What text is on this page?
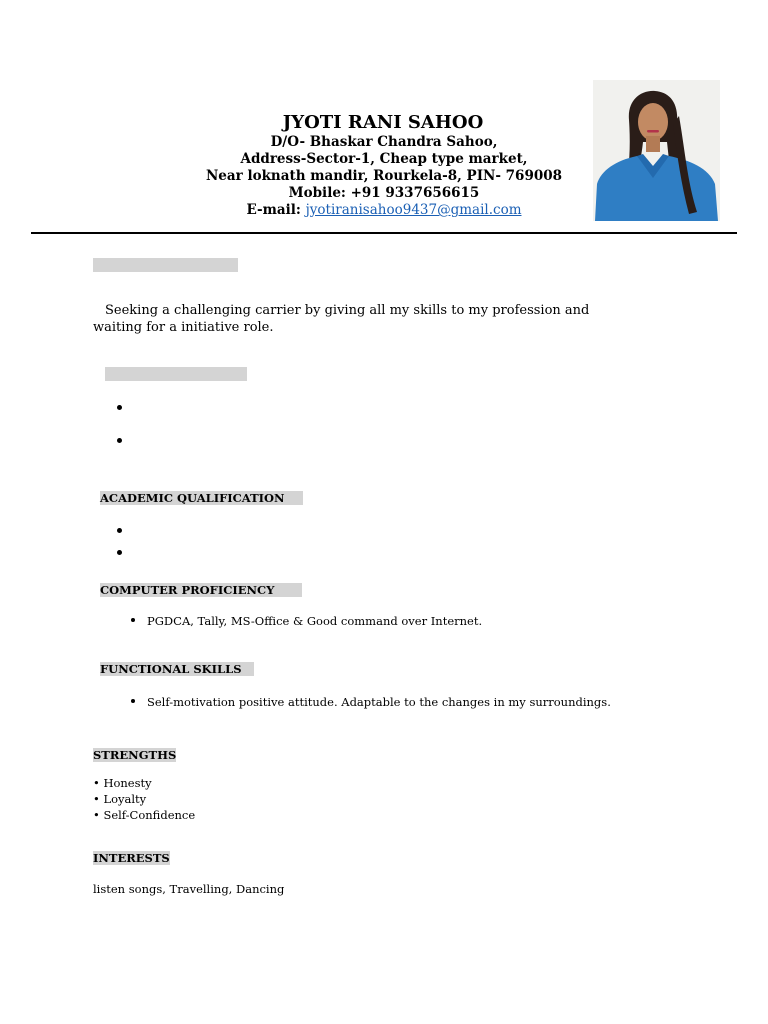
JYOTI RANI SAHOO
D/O- Bhaskar Chandra Sahoo,
Address-Sector-1, Cheap type market,
Near loknath mandir, Rourkela-8, PIN- 769008
Mobile: +91 9337656615
E-mail: jyotiranisahoo9437@gmail.com
Seeking a challenging carrier by giving all my skills to my profession and waiting for a initiative role.
ACADEMIC QUALIFICATION
COMPUTER PROFICIENCY
PGDCA, Tally, MS-Office & Good command over Internet.
FUNCTIONAL SKILLS
Self-motivation positive attitude. Adaptable to the changes in my surroundings.
STRENGTHS
• Honesty
• Loyalty
• Self-Confidence
INTERESTS
listen songs, Travelling, Dancing
